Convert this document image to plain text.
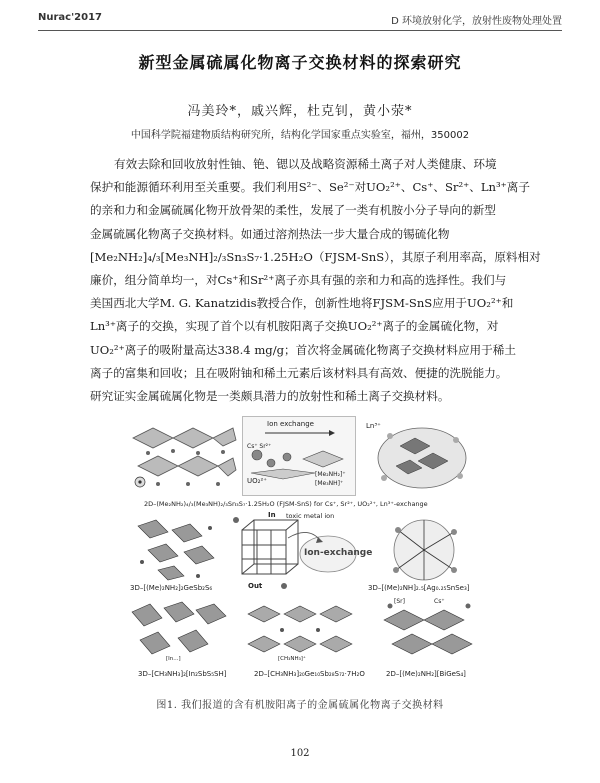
Nurac'2017	D 环境放射化学，放射性废物处理处置
新型金属硫属化物离子交换材料的探索研究
冯美玲*，戚兴辉，杜克钊，黄小荥*
中国科学院福建物质结构研究所，结构化学国家重点实验室，福州，350002
有效去除和回收放射性铀、铯、锶以及战略资源稀土离子对人类健康、环境
保护和能源循环利用至关重要。我们利用S²⁻、Se²⁻对UO₂²⁺、Cs⁺、Sr²⁺、Ln³⁺离子
的亲和力和金属硫属化物开放骨架的柔性，发展了一类有机胺小分子导向的新型
金属硫属化物离子交换材料。如通过溶剂热法一步大量合成的锡硫化物
[Me₂NH₂]₄/₃[Me₃NH]₂/₃Sn₃S₇·1.25H₂O（FJSM-SnS），其原子利用率高，原料相对
廉价，组分简单均一，对Cs⁺和Sr²⁺离子亦具有强的亲和力和高的选择性。我们与
美国西北大学M. G. Kanatzidis教授合作，创新性地将FJSM-SnS应用于UO₂²⁺和
Ln³⁺离子的交换，实现了首个以有机胺阳离子交换UO₂²⁺离子的金属硫化物，对
UO₂²⁺离子的吸附量高达338.4 mg/g；首次将金属硫化物离子交换材料应用于稀土
离子的富集和回收；且在吸附铀和稀土元素后该材料具有高效、便捷的洗脱能力。
研究证实金属硫属化物是一类颇具潜力的放射性和稀土离子交换材料。
Ion exchange
UO₂²⁺
[Me₂NH₂]⁺
[Me₃NH]⁺
Cs⁺ Sr²⁺
Ln³⁺
2D–(Me₂NH₂)₄/₃(Me₃NH)₂/₃Sn₃S₇·1.25H₂O (FJSM-SnS) for Cs⁺, Sr²⁺, UO₂²⁺, Ln³⁺-exchange
3D–[(Me)₂NH₂]₂GeSb₂S₆
In toxic metal ion
Ion-exchange
Out	3D–[(Me)₂NH]₂.₅[Ag₀.₂₅SnSe₃]
[In...]
3D–[CH₃NH₃]₂[In₂SbS₅SH]
[CH₃NH₃]⁺
2D–[CH₃NH₃]₂₀Ge₁₀Sb₂₈S₇₂·7H₂O
Cs⁺
[Sr]
2D–[(Me)₂NH₂][BiGeS₄]
图1. 我们报道的含有机胺阳离子的金属硫属化物离子交换材料
102
